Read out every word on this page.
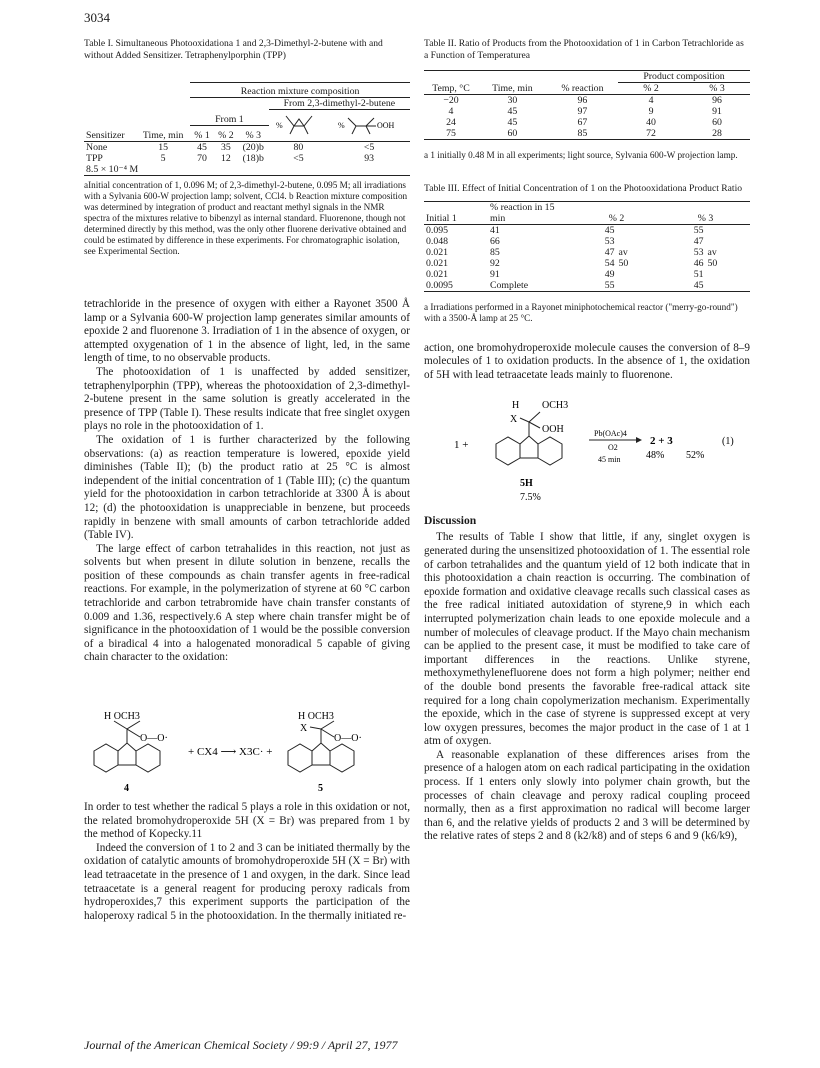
3034
Table I. Simultaneous Photooxidationa 1 and 2,3-Dimethyl-2-butene with and without Added Sensitizer. Tetraphenylporphin (TPP)
		Reaction mixture composition				
					From 2,3-dimethyl-2-butene	
		From 1			%	% OOH

Sensitizer	Time, min	% 1	% 2	% 3		
None	15	45	35	(20)b	80	<5
TPP	5	70	12	(18)b	<5	93
8.5 × 10⁻⁴ M						
aInitial concentration of 1, 0.096 M; of 2,3-dimethyl-2-butene, 0.095 M; all irradiations with a Sylvania 600-W projection lamp; solvent, CCl4. b Reaction mixture composition was determined by integration of product and reactant methyl signals in the NMR spectra of the mixtures relative to bibenzyl as internal standard. Fluorenone, though not determined directly by this method, was the only other fluorene derivative obtained and could be estimated by difference in these experiments. For chromatographic isolation, see Experimental Section.

tetrachloride in the presence of oxygen with either a Rayonet 3500 Å lamp or a Sylvania 600-W projection lamp generates similar amounts of epoxide 2 and fluorenone 3. Irradiation of 1 in the absence of oxygen, or attempted oxygenation of 1 in the absence of light, led, in the same length of time, to no observable products.

The photooxidation of 1 is unaffected by added sensitizer, tetraphenylporphin (TPP), whereas the photooxidation of 2,3-dimethyl-2-butene present in the same solution is greatly accelerated in the presence of TPP (Table I). These results indicate that free singlet oxygen plays no role in the photooxidation of 1.

The oxidation of 1 is further characterized by the following observations: (a) as reaction temperature is lowered, epoxide yield diminishes (Table II); (b) the product ratio at 25 °C is almost independent of the initial concentration of 1 (Table III); (c) the quantum yield for the photooxidation in carbon tetrachloride at 3300 Å is about 12; (d) the photooxidation is unappreciable in benzene, but proceeds rapidly in benzene with small amounts of carbon tetrachloride added (Table IV).

The large effect of carbon tetrahalides in this reaction, not just as solvents but when present in dilute solution in benzene, recalls the position of these compounds as chain transfer agents in free-radical reactions. For example, in the polymerization of styrene at 60 °C carbon tetrachloride and carbon tetrabromide have chain transfer constants of 0.009 and 1.36, respectively.6 A step where chain transfer might be of significance in the photooxidation of 1 would be the possible conversion of a biradical 4 into a halogenated monoradical 5 capable of giving chain character to the oxidation:

H OCH3
O—O·
+ CX4 ⟶ X3C· +
H OCH3
X
O—O·
4	5

In order to test whether the radical 5 plays a role in this oxidation or not, the related bromohydroperoxide 5H (X = Br) was prepared from 1 by the method of Kopecky.11

Indeed the conversion of 1 to 2 and 3 can be initiated thermally by the oxidation of catalytic amounts of bromohydroperoxide 5H (X = Br) with lead tetraacetate in the presence of 1 and oxygen, in the dark. Since lead tetraacetate is a general reagent for producing peroxy radicals from hydroperoxides,7 this experiment supports the participation of the haloperoxy radical 5 in the photooxidation. In the thermally initiated re-

Table II. Ratio of Products from the Photooxidation of 1 in Carbon Tetrachloride as a Function of Temperaturea
Temp, °C	Time, min	% reaction	Product composition	
			% 2	% 3
−20	30	96	4	96
4	45	97	9	91
24	45	67	40	60
75	60	85	72	28
a 1 initially 0.48 M in all experiments; light source, Sylvania 600-W projection lamp.
Table III. Effect of Initial Concentration of 1 on the Photooxidationa Product Ratio
Initial 1	% reaction in 15 min	% 2		% 3	
0.095	41	45		55	
0.048	66	53		47	
0.021	85	47	av	53	av
0.021	92	54	50	46	50
0.021	91	49		51	
0.0095	Complete	55		45	
a Irradiations performed in a Rayonet miniphotochemical reactor ("merry-go-round") with a 3500-Å lamp at 25 °C.

action, one bromohydroperoxide molecule causes the conversion of 8–9 molecules of 1 to oxidation products. In the absence of 1, the oxidation of 5H with lead tetraacetate leads mainly to fluorenone.

1 +
H OCH3
X
OOH	Pb(OAc)4
O2
45 min
2 + 3
48% 52%
(1)
5H
7.5%
Discussion

The results of Table I show that little, if any, singlet oxygen is generated during the unsensitized photooxidation of 1. The essential role of carbon tetrahalides and the quantum yield of 12 both indicate that in this photooxidation a chain reaction is occurring. The combination of epoxide formation and oxidative cleavage recalls such classical cases as the free radical initiated autoxidation of styrene,9 in which each interrupted polymerization chain leads to one epoxide molecule and a number of molecules of cleavage product. If the Mayo chain mechanism can be applied to the present case, it must be modified to take care of important differences in the reactions. Unlike styrene, methoxymethylenefluorene does not form a high polymer; neither end of the double bond presents the favorable free-radical attack site required for a long chain copolymerization mechanism. Experimentally the epoxide, which in the case of styrene is suppressed except at very low oxygen pressures, becomes the major product in the case of 1 at 1 atm of oxygen.

A reasonable explanation of these differences arises from the presence of a halogen atom on each radical participating in the oxidation process. If 1 enters only slowly into polymer chain growth, but the processes of chain cleavage and peroxy radical coupling proceed normally, then as a first approximation no radical will become larger than 6, and the relative yields of products 2 and 3 will be determined by the relative rates of steps 2 and 8 (k2/k8) and of steps 6 and 9 (k6/k9),

Journal of the American Chemical Society / 99:9 / April 27, 1977
